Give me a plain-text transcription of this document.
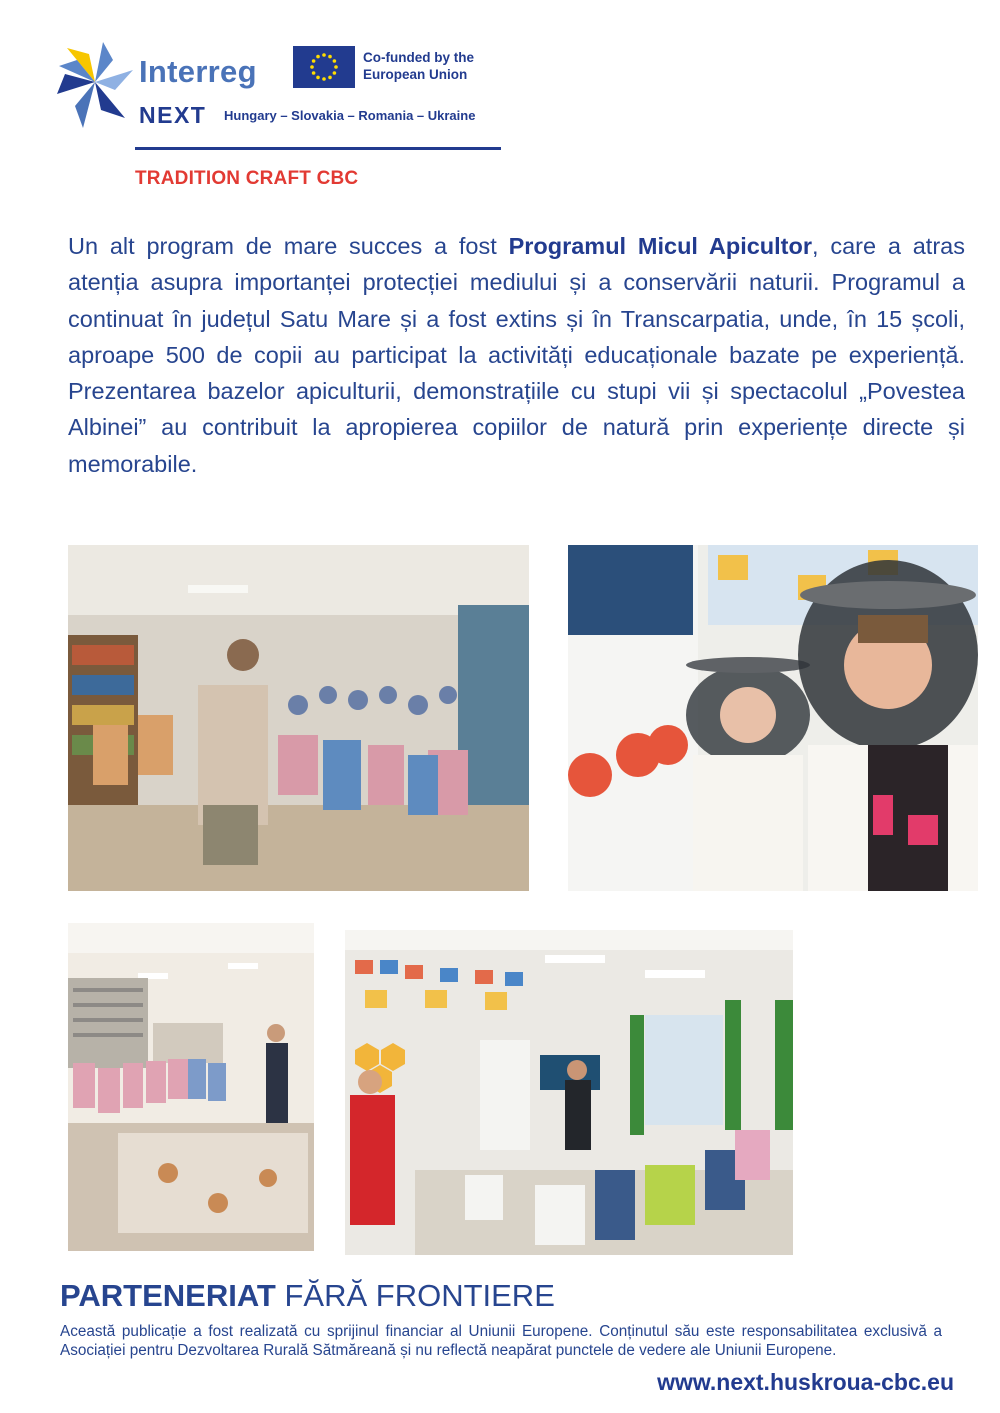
Interreg	Co-funded by the European Union
NEXT Hungary – Slovakia – Romania – Ukraine
TRADITION CRAFT CBC

Un alt program de mare succes a fost Programul Micul Apicultor, care a atras atenția asupra importanței protecției mediului și a conservării naturii. Programul a continuat în județul Satu Mare și a fost extins și în Transcarpatia, unde, în 15 școli, aproape 500 de copii au participat la activități educaționale bazate pe experiență. Prezentarea bazelor apiculturii, demonstrațiile cu stupi vii și spectacolul „Povestea Albinei” au contribuit la apropierea copiilor de natură prin experiențe directe și memorabile.

PARTENERIAT FĂRĂ FRONTIERE

Această publicație a fost realizată cu sprijinul financiar al Uniunii Europene. Conținutul său este responsabilitatea exclusivă a Asociației pentru Dezvoltarea Rurală Sătmăreană și nu reflectă neapărat punctele de vedere ale Uniunii Europene.

www.next.huskroua-cbc.eu
